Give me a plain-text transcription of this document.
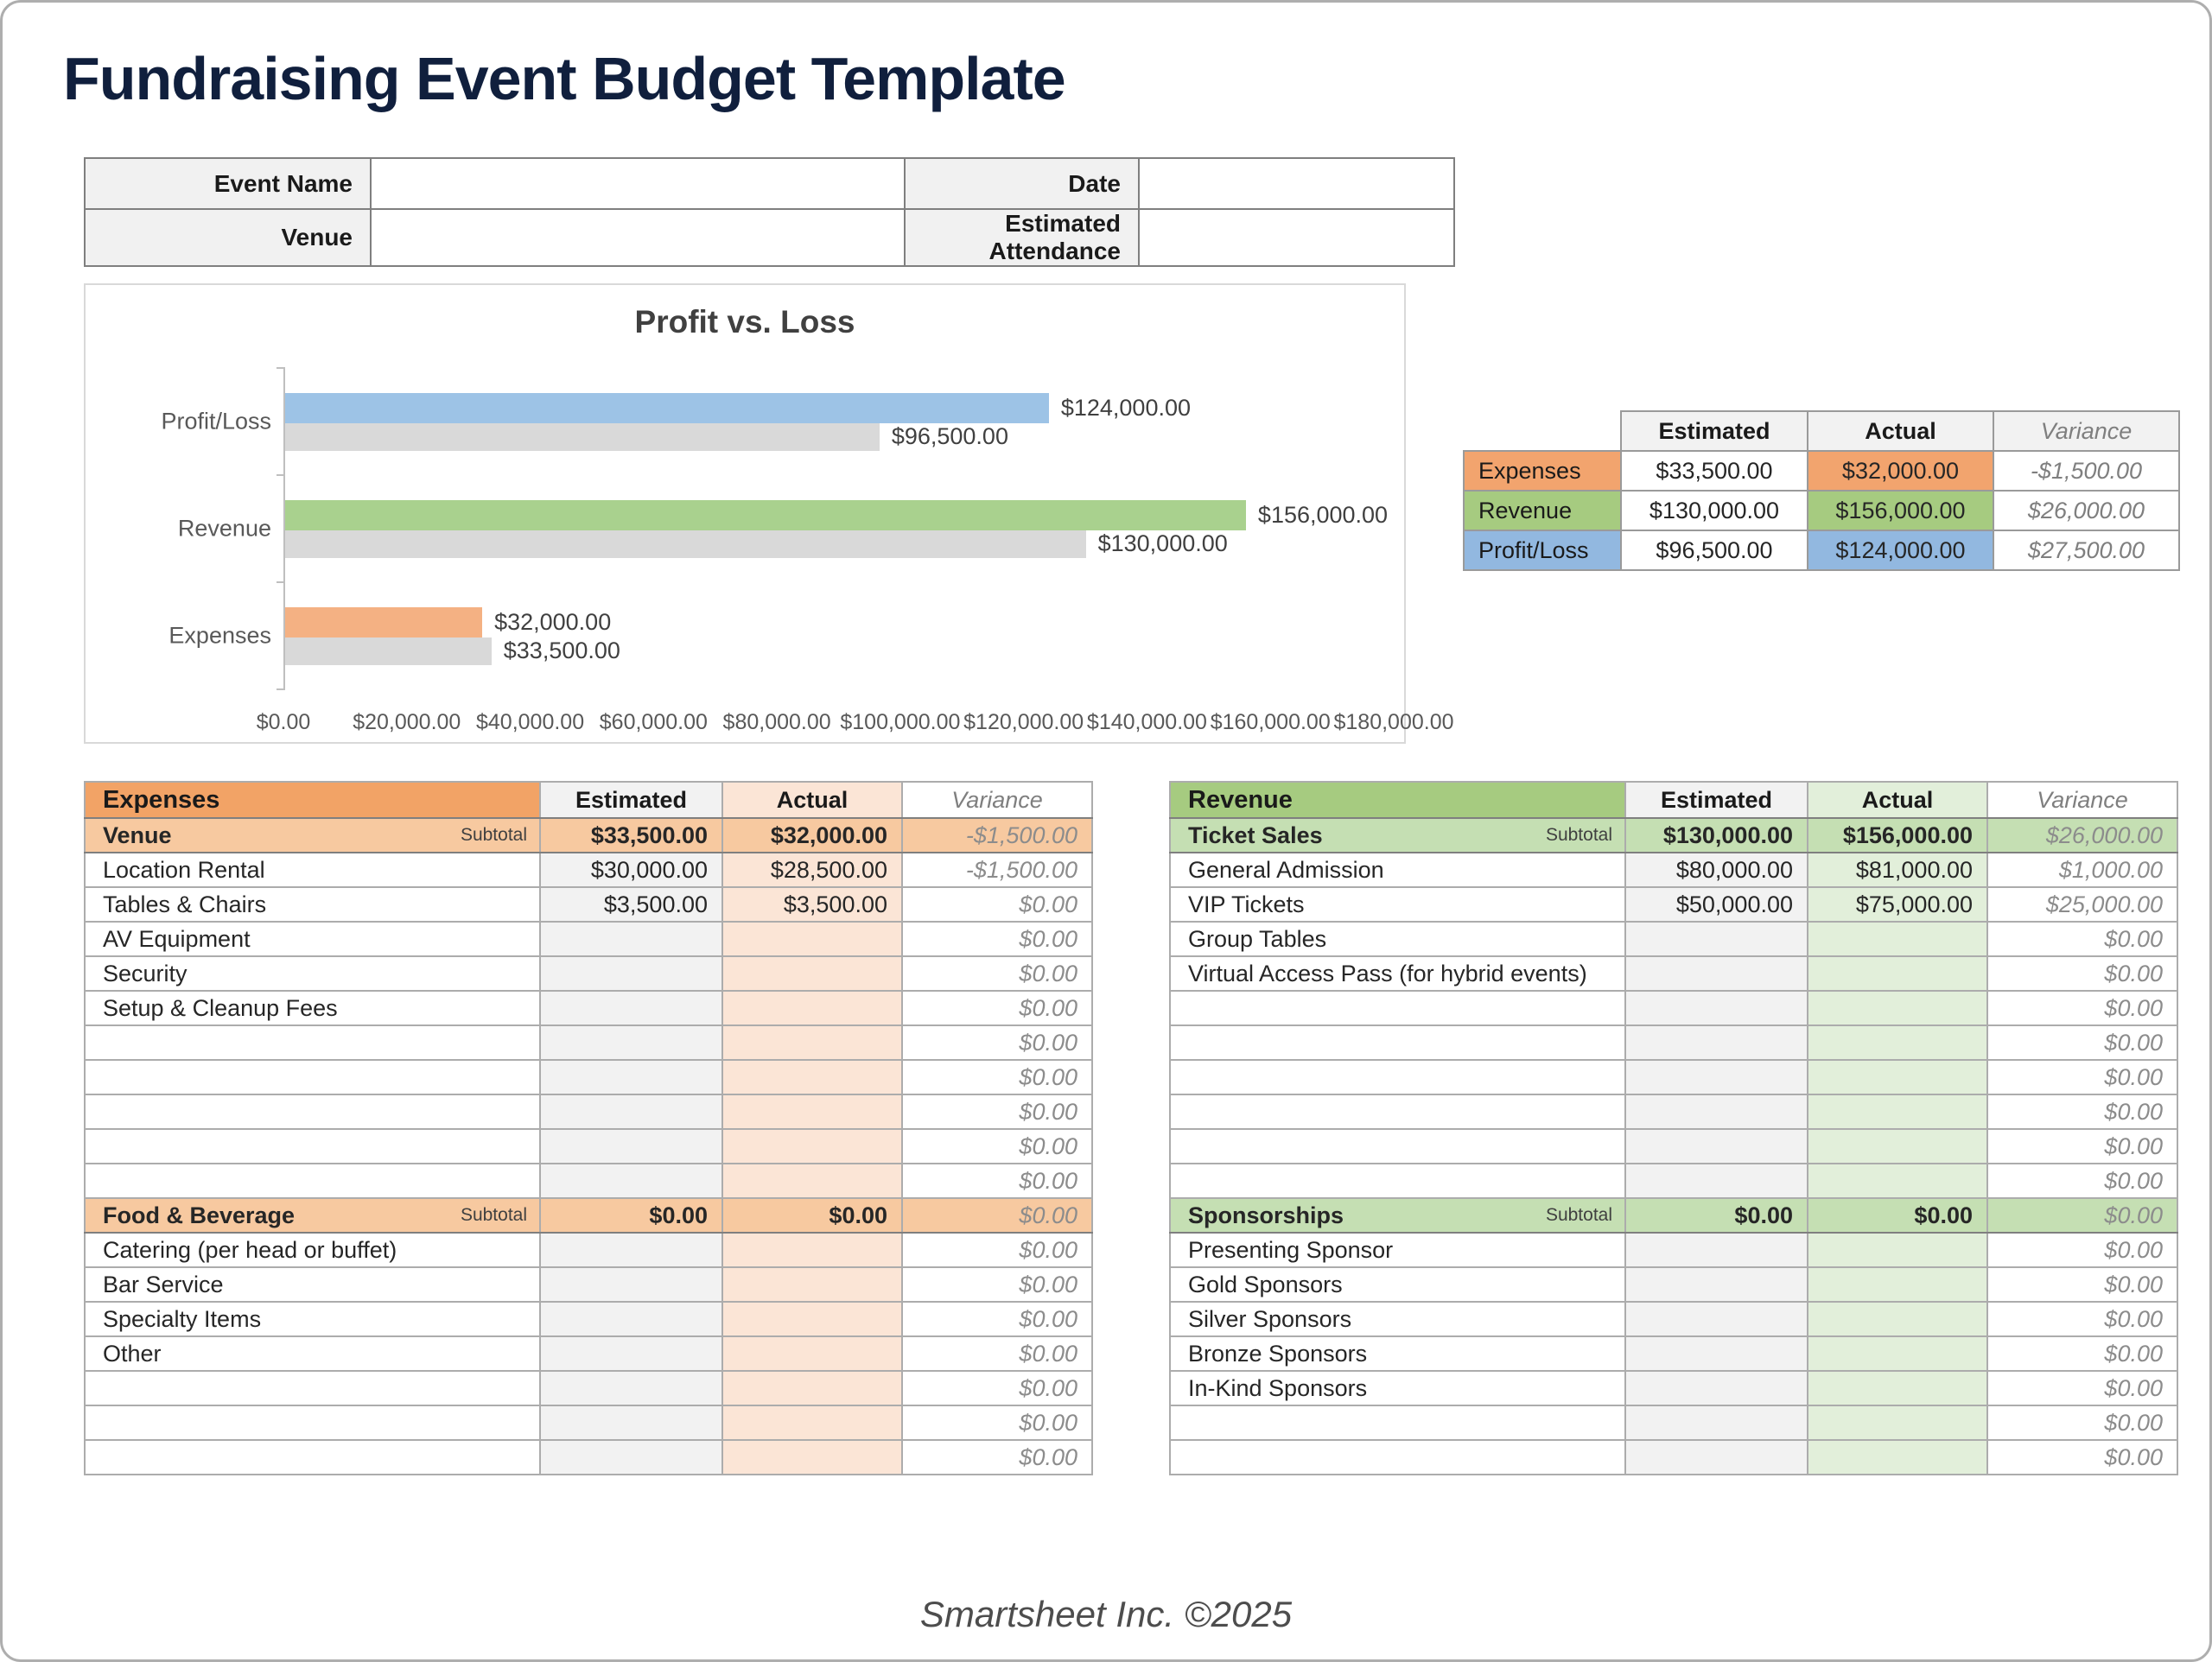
Fundraising Event Budget Template
Event Name		Date	
Venue		Estimated Attendance	
Profit vs. Loss
Profit/Loss
$124,000.00
$96,500.00
Revenue
$156,000.00
$130,000.00
Expenses
$32,000.00
$33,500.00
$0.00 $20,000.00 $40,000.00 $60,000.00 $80,000.00 $100,000.00 $120,000.00 $140,000.00 $160,000.00 $180,000.00
	Estimated	Actual	Variance
Expenses	$33,500.00	$32,000.00	-$1,500.00
Revenue	$130,000.00	$156,000.00	$26,000.00
Profit/Loss	$96,500.00	$124,000.00	$27,500.00
Expenses	Estimated	Actual	Variance

Venue Subtotal	$33,500.00	$32,000.00	-$1,500.00
Location Rental	$30,000.00	$28,500.00	-$1,500.00
Tables & Chairs	$3,500.00	$3,500.00	$0.00
AV Equipment			$0.00
Security			$0.00
Setup & Cleanup Fees			$0.00
			$0.00
			$0.00
			$0.00
			$0.00
			$0.00

Food & Beverage Subtotal	$0.00	$0.00	$0.00
Catering (per head or buffet)			$0.00
Bar Service			$0.00
Specialty Items			$0.00
Other			$0.00
			$0.00
			$0.00
			$0.00
Revenue	Estimated	Actual	Variance

Ticket Sales Subtotal	$130,000.00	$156,000.00	$26,000.00
General Admission	$80,000.00	$81,000.00	$1,000.00
VIP Tickets	$50,000.00	$75,000.00	$25,000.00
Group Tables			$0.00
Virtual Access Pass (for hybrid events)			$0.00
			$0.00
			$0.00
			$0.00
			$0.00
			$0.00
			$0.00

Sponsorships Subtotal	$0.00	$0.00	$0.00
Presenting Sponsor			$0.00
Gold Sponsors			$0.00
Silver Sponsors			$0.00
Bronze Sponsors			$0.00
In-Kind Sponsors			$0.00
			$0.00
			$0.00
Smartsheet Inc. ©2025
